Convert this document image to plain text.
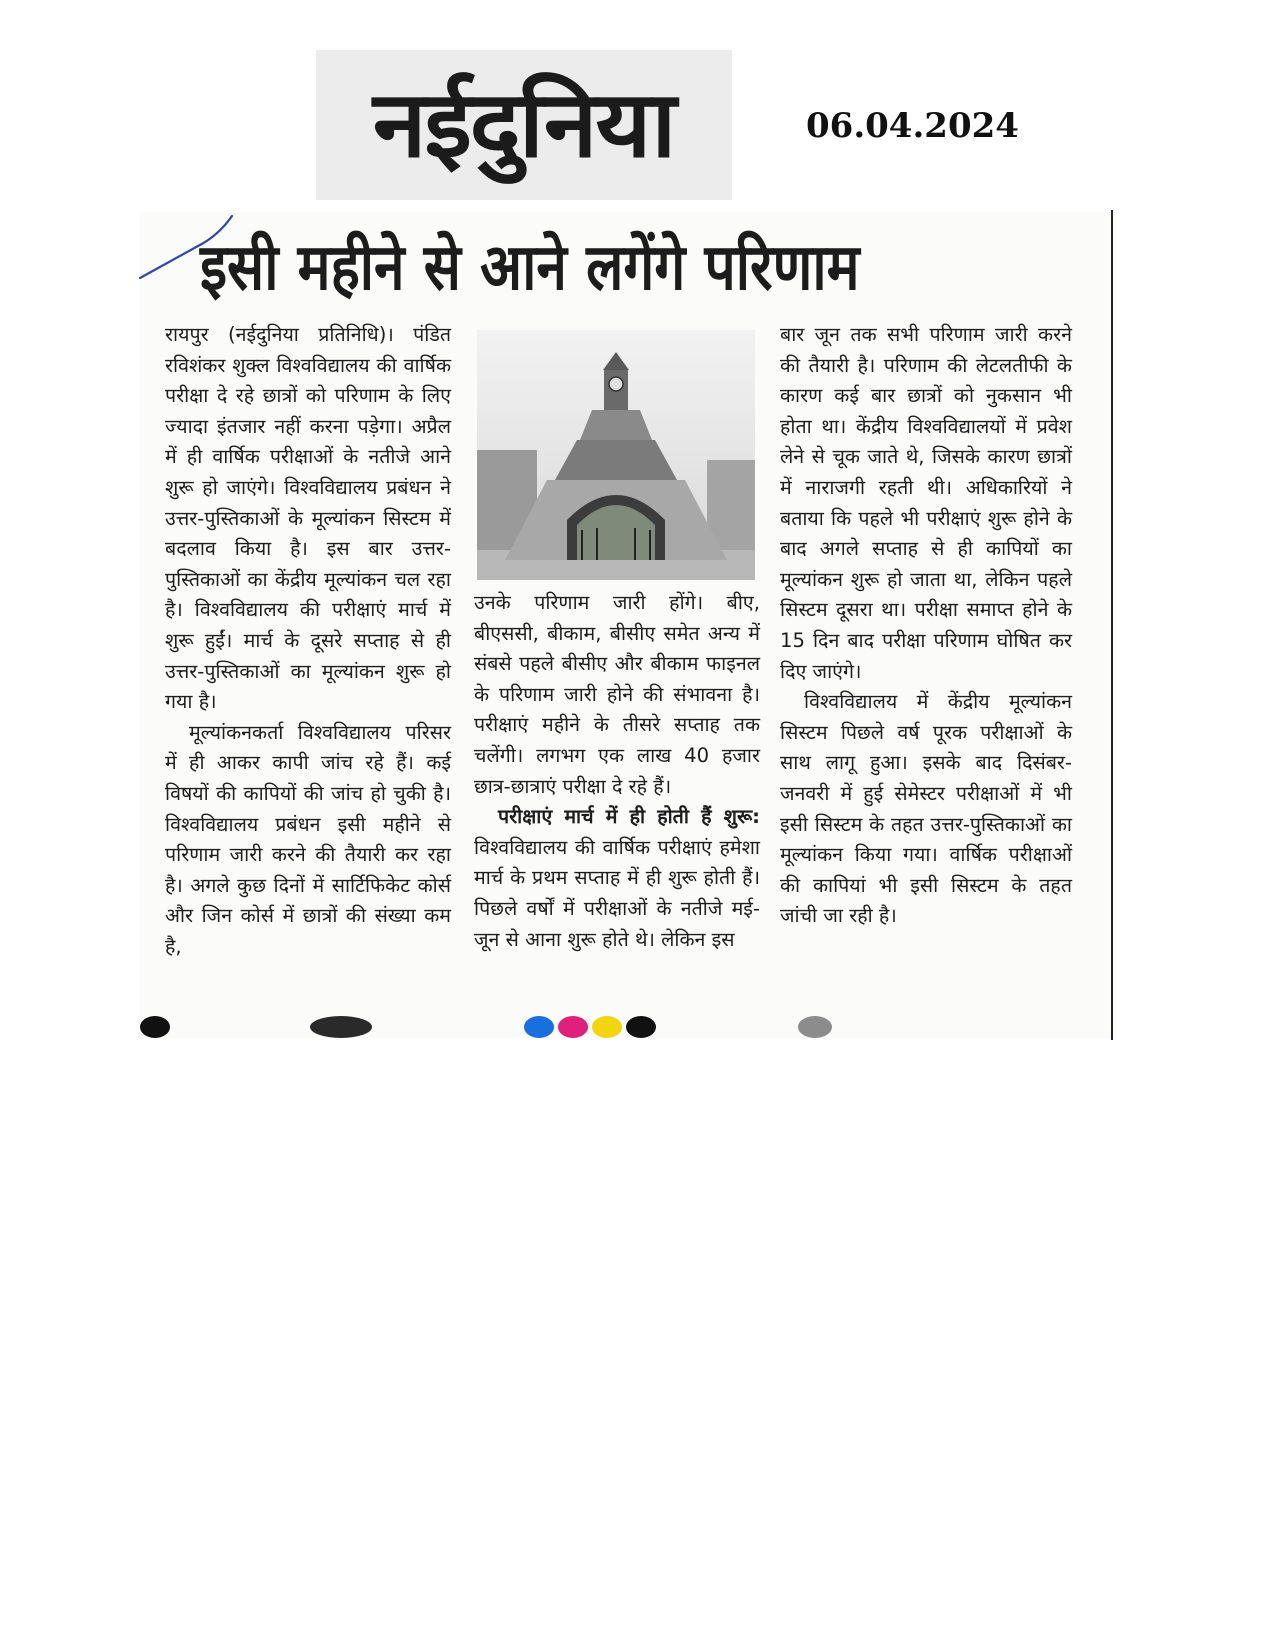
नईदुनिया	06.04.2024
इसी महीने से आने लगेंगे परिणाम

रायपुर (नईदुनिया प्रतिनिधि)। पंडित रविशंकर शुक्ल विश्वविद्यालय की वार्षिक परीक्षा दे रहे छात्रों को परिणाम के लिए ज्यादा इंतजार नहीं करना पड़ेगा। अप्रैल में ही वार्षिक परीक्षाओं के नतीजे आने शुरू हो जाएंगे। विश्वविद्यालय प्रबंधन ने उत्तर-पुस्तिकाओं के मूल्यांकन सिस्टम में बदलाव किया है। इस बार उत्तर-पुस्तिकाओं का केंद्रीय मूल्यांकन चल रहा है। विश्वविद्यालय की परीक्षाएं मार्च में शुरू हुईं। मार्च के दूसरे सप्ताह से ही उत्तर-पुस्तिकाओं का मूल्यांकन शुरू हो गया है।

मूल्यांकनकर्ता विश्वविद्यालय परिसर में ही आकर कापी जांच रहे हैं। कई विषयों की कापियों की जांच हो चुकी है। विश्वविद्यालय प्रबंधन इसी महीने से परिणाम जारी करने की तैयारी कर रहा है। अगले कुछ दिनों में सार्टिफिकेट कोर्स और जिन कोर्स में छात्रों की संख्या कम है,

उनके परिणाम जारी होंगे। बीए, बीएससी, बीकाम, बीसीए समेत अन्य में संबसे पहले बीसीए और बीकाम फाइनल के परिणाम जारी होने की संभावना है। परीक्षाएं महीने के तीसरे सप्ताह तक चलेंगी। लगभग एक लाख 40 हजार छात्र-छात्राएं परीक्षा दे रहे हैं।

परीक्षाएं मार्च में ही होती हैं शुरू: विश्वविद्यालय की वार्षिक परीक्षाएं हमेशा मार्च के प्रथम सप्ताह में ही शुरू होती हैं। पिछले वर्षों में परीक्षाओं के नतीजे मई-जून से आना शुरू होते थे। लेकिन इस

बार जून तक सभी परिणाम जारी करने की तैयारी है। परिणाम की लेटलतीफी के कारण कई बार छात्रों को नुकसान भी होता था। केंद्रीय विश्वविद्यालयों में प्रवेश लेने से चूक जाते थे, जिसके कारण छात्रों में नाराजगी रहती थी। अधिकारियों ने बताया कि पहले भी परीक्षाएं शुरू होने के बाद अगले सप्ताह से ही कापियों का मूल्यांकन शुरू हो जाता था, लेकिन पहले सिस्टम दूसरा था। परीक्षा समाप्त होने के 15 दिन बाद परीक्षा परिणाम घोषित कर दिए जाएंगे।

विश्वविद्यालय में केंद्रीय मूल्यांकन सिस्टम पिछले वर्ष पूरक परीक्षाओं के साथ लागू हुआ। इसके बाद दिसंबर-जनवरी में हुई सेमेस्टर परीक्षाओं में भी इसी सिस्टम के तहत उत्तर-पुस्तिकाओं का मूल्यांकन किया गया। वार्षिक परीक्षाओं की कापियां भी इसी सिस्टम के तहत जांची जा रही है।
